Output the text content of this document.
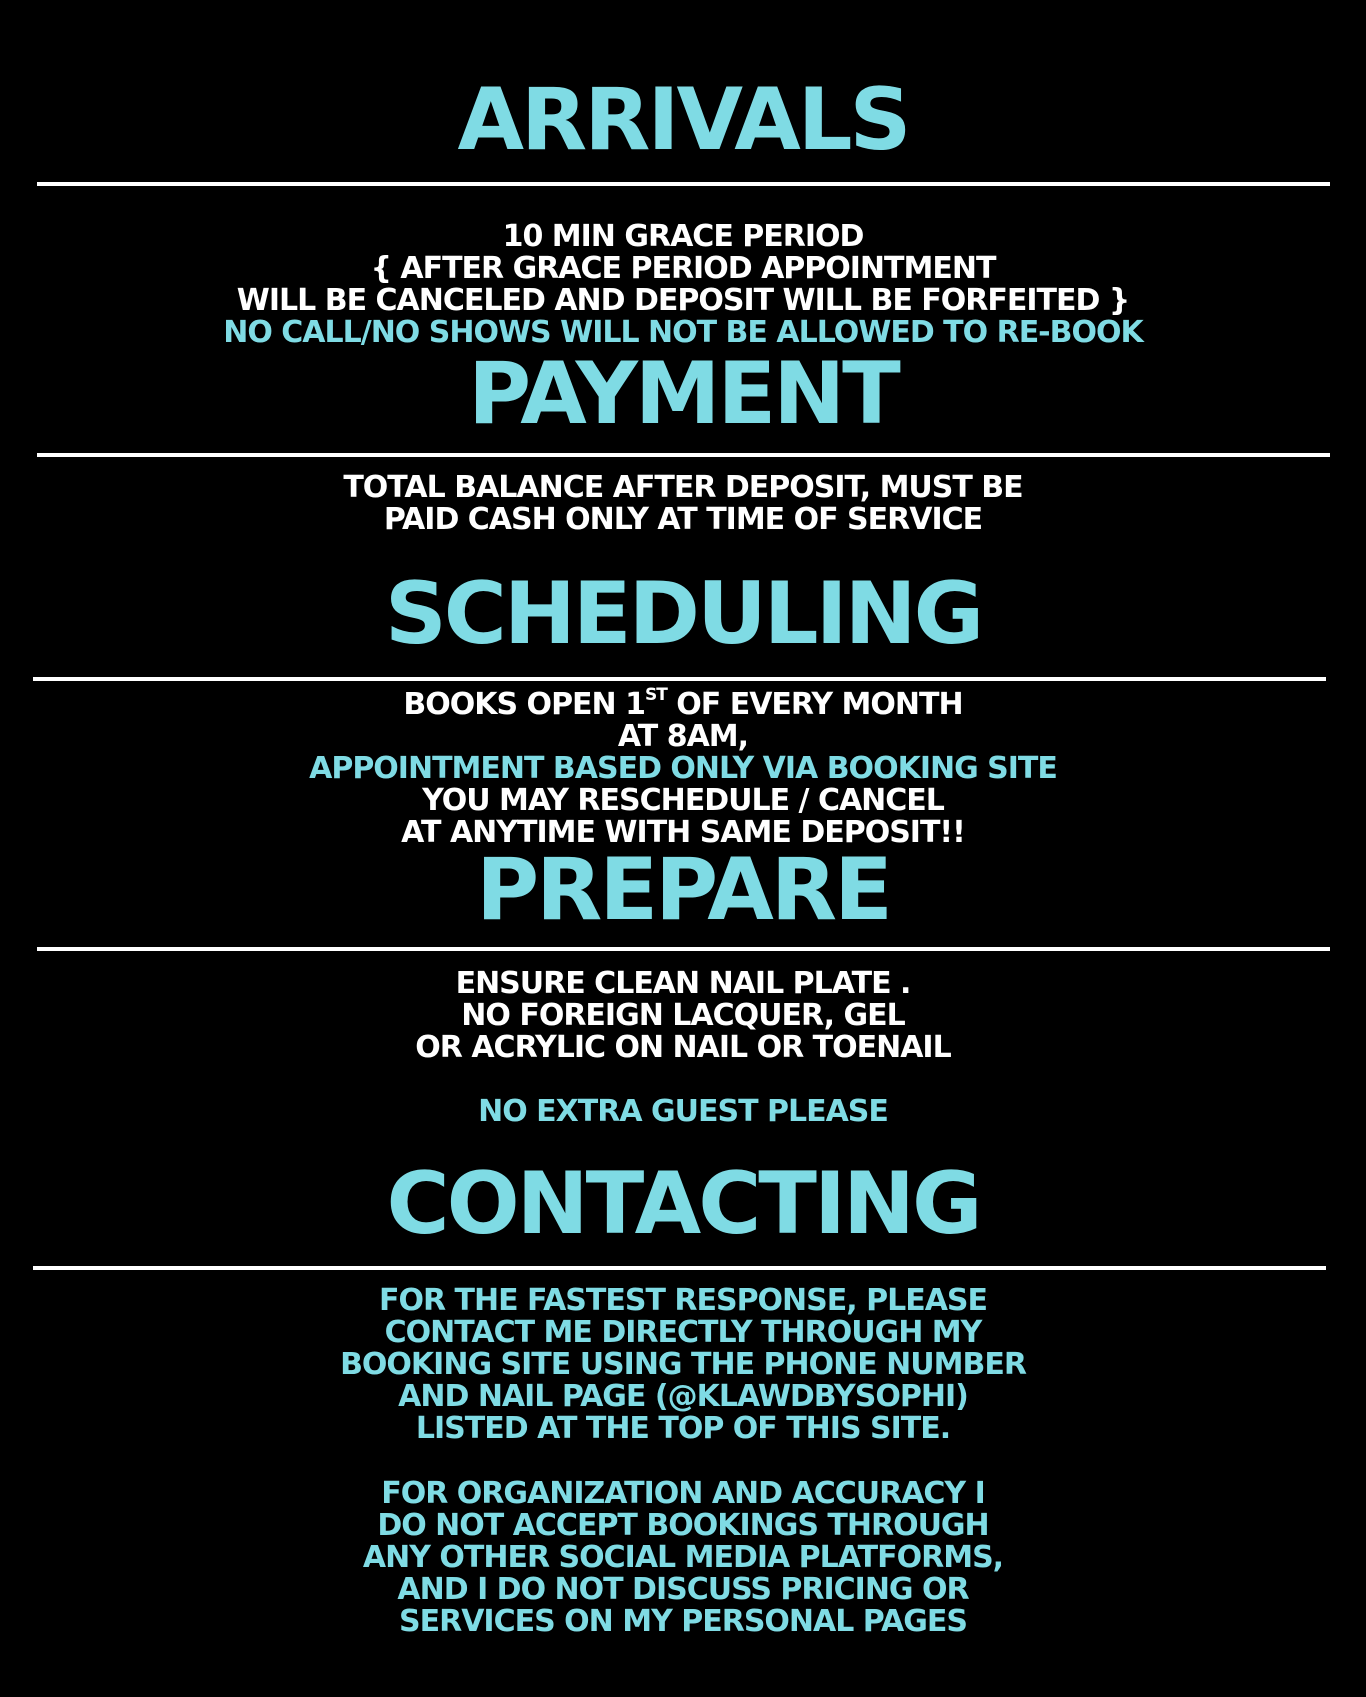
ARRIVALS
10 MIN GRACE PERIOD
{ AFTER GRACE PERIOD APPOINTMENT
WILL BE CANCELED AND DEPOSIT WILL BE FORFEITED }
NO CALL/NO SHOWS WILL NOT BE ALLOWED TO RE-BOOK
PAYMENT
TOTAL BALANCE AFTER DEPOSIT, MUST BE
PAID CASH ONLY AT TIME OF SERVICE
SCHEDULING
BOOKS OPEN 1ST OF EVERY MONTH
AT 8AM,
APPOINTMENT BASED ONLY VIA BOOKING SITE
YOU MAY RESCHEDULE / CANCEL
AT ANYTIME WITH SAME DEPOSIT!!
PREPARE
ENSURE CLEAN NAIL PLATE .
NO FOREIGN LACQUER, GEL
OR ACRYLIC ON NAIL OR TOENAIL
NO EXTRA GUEST PLEASE
CONTACTING
FOR THE FASTEST RESPONSE, PLEASE
CONTACT ME DIRECTLY THROUGH MY
BOOKING SITE USING THE PHONE NUMBER
AND NAIL PAGE (@KLAWDBYSOPHI)
LISTED AT THE TOP OF THIS SITE.
FOR ORGANIZATION AND ACCURACY I
DO NOT ACCEPT BOOKINGS THROUGH
ANY OTHER SOCIAL MEDIA PLATFORMS,
AND I DO NOT DISCUSS PRICING OR
SERVICES ON MY PERSONAL PAGES
